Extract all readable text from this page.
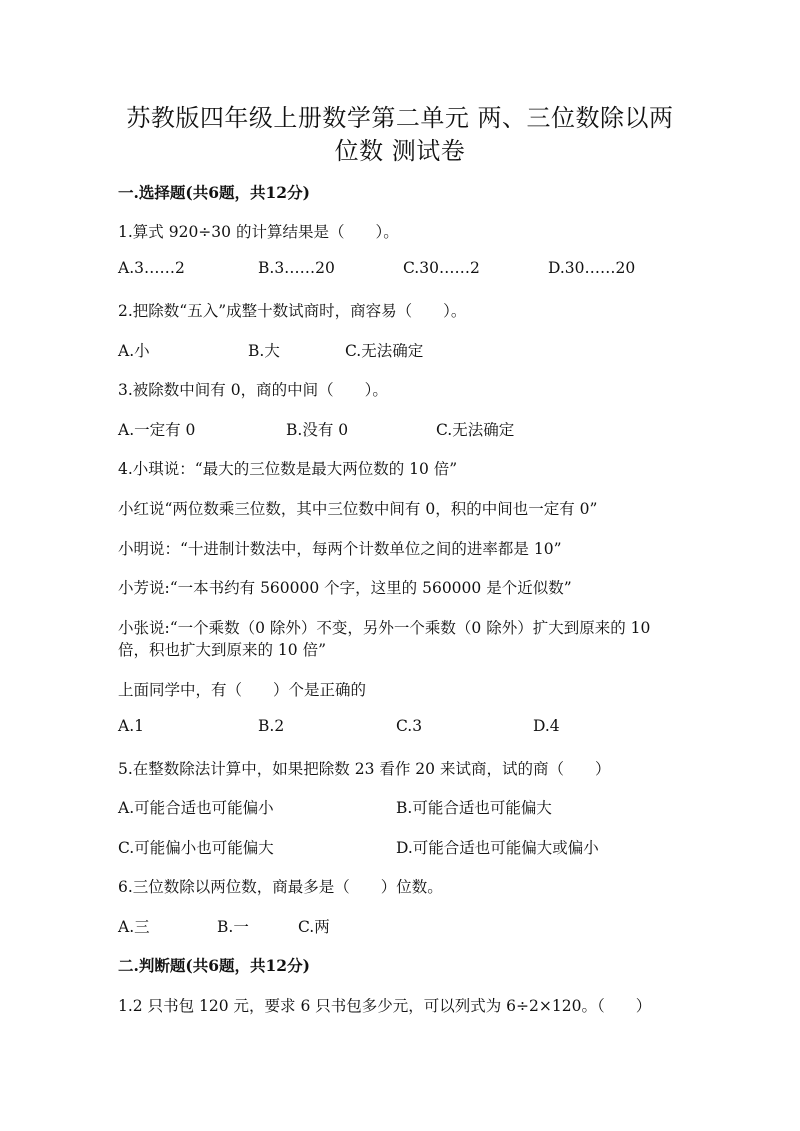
苏教版四年级上册数学第二单元 两、三位数除以两
位数 测试卷
一.选择题(共6题，共12分)
1.算式 920÷30 的计算结果是（　　）。
A.3……2	B.3……20	C.30……2	D.30……20
2.把除数“五入”成整十数试商时，商容易（　　）。
A.小	B.大	C.无法确定
3.被除数中间有 0，商的中间（　　）。
A.一定有 0	B.没有 0	C.无法确定
4.小琪说：“最大的三位数是最大两位数的 10 倍”
小红说“两位数乘三位数，其中三位数中间有 0，积的中间也一定有 0”
小明说：“十进制计数法中，每两个计数单位之间的进率都是 10”
小芳说:“一本书约有 560000 个字，这里的 560000 是个近似数”
小张说:“一个乘数（0 除外）不变，另外一个乘数（0 除外）扩大到原来的 10
倍，积也扩大到原来的 10 倍”
上面同学中，有（　　）个是正确的
A.1	B.2	C.3	D.4
5.在整数除法计算中，如果把除数 23 看作 20 来试商，试的商（　　）
A.可能合适也可能偏小	B.可能合适也可能偏大
C.可能偏小也可能偏大	D.可能合适也可能偏大或偏小
6.三位数除以两位数，商最多是（　　）位数。
A.三	B.一	C.两
二.判断题(共6题，共12分)
1.2 只书包 120 元，要求 6 只书包多少元，可以列式为 6÷2×120。（　　）
